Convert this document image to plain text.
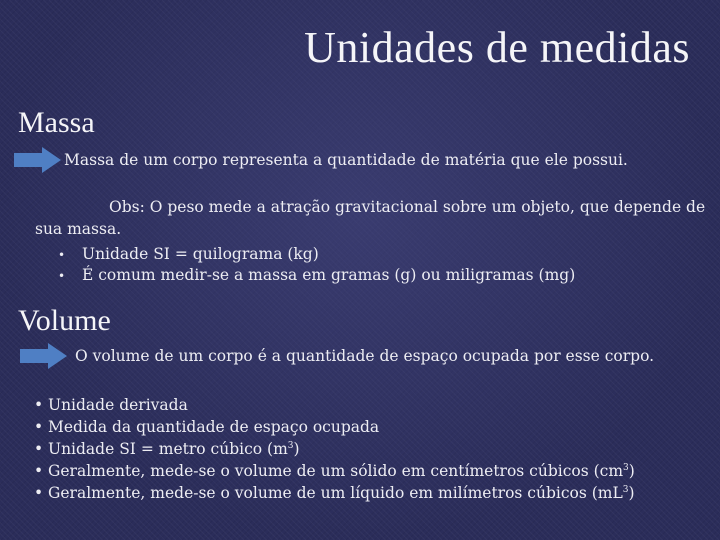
Unidades de medidas
Massa
Massa de um corpo representa a quantidade de matéria que ele possui.
Obs: O peso mede a atração gravitacional sobre um objeto, que depende de
sua massa.
• Unidade SI = quilograma (kg)
• É comum medir-se a massa em gramas (g) ou miligramas (mg)
Volume
O volume de um corpo é a quantidade de espaço ocupada por esse corpo.
• Unidade derivada
• Medida da quantidade de espaço ocupada
• Unidade SI = metro cúbico $(m^3)$
• Geralmente, mede-se o volume de um sólido em centímetros cúbicos $(cm^3)$
• Geralmente, mede-se o volume de um líquido em milímetros cúbicos $(mL^3)$
